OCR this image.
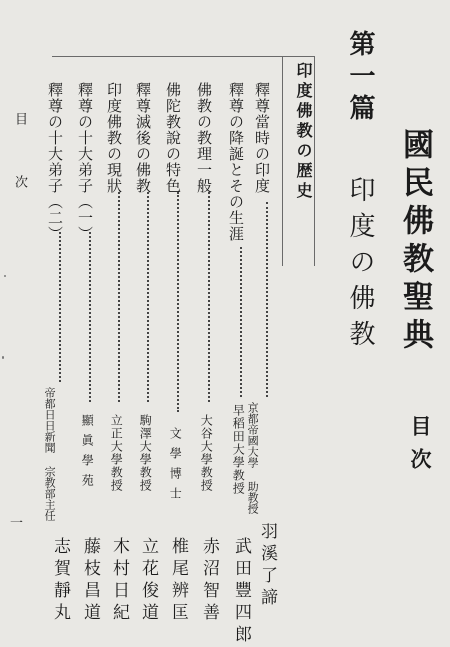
國民佛教聖典
目次
第一篇
印度の佛教
印度佛教の歴史
釋尊當時の印度
京都帝國大學 助教授
羽溪了諦
釋尊の降誕とその生涯
早稻田大學教授
武田豐四郎
佛教の教理一般
大谷大學教授
赤沼智善
佛陀教說の特色
文學博士
椎尾辨匡
釋尊滅後の佛教
駒澤大學教授
立花俊道
印度佛教の現狀
立正大學教授
木村日紀
釋尊の十大弟子（一）
顯眞學苑
藤枝昌道
釋尊の十大弟子（二）
帝都日日新聞 宗教部主任
志賀靜丸
目次
一
